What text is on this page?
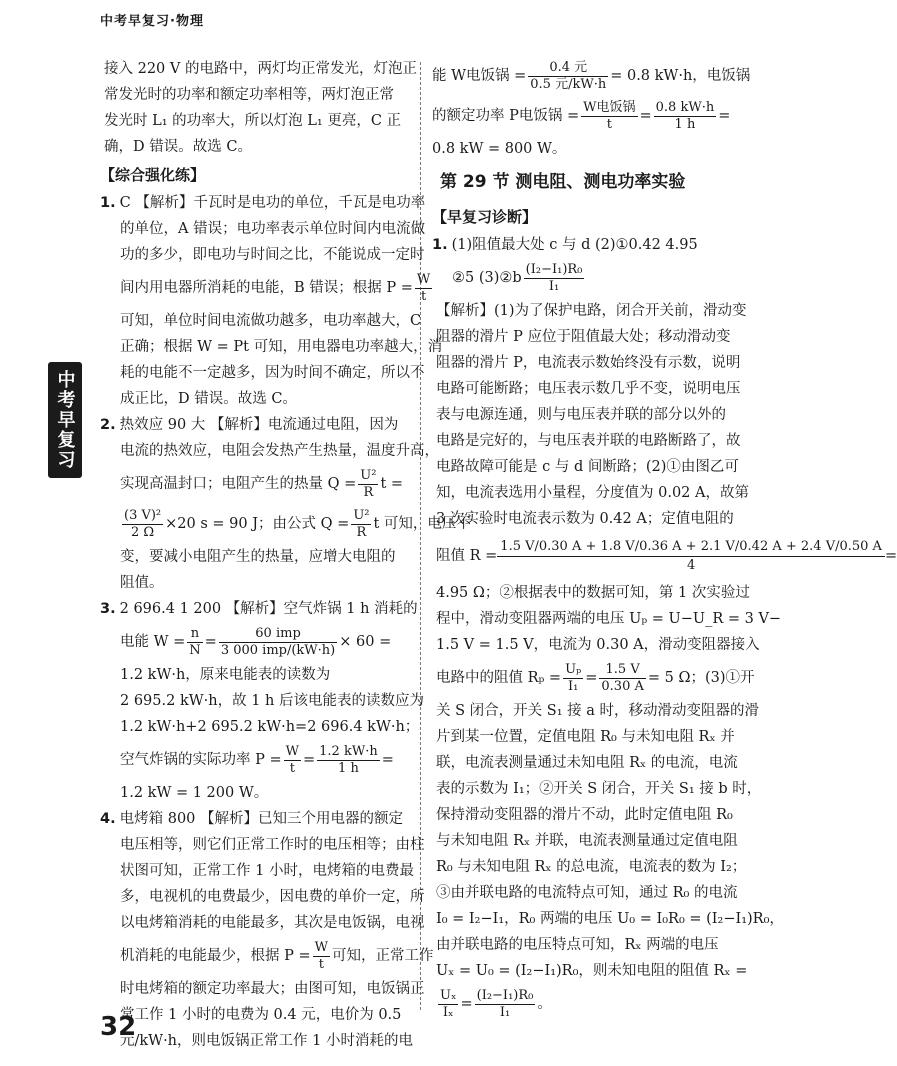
中考早复习·物理
中考早复习
接入 220 V 的电路中，两灯均正常发光，灯泡正
常发光时的功率和额定功率相等，两灯泡正常
发光时 L₁ 的功率大，所以灯泡 L₁ 更亮，C 正
确，D 错误。故选 C。
【综合强化练】
1. C 【解析】千瓦时是电功的单位，千瓦是电功率
的单位，A 错误；电功率表示单位时间内电流做
功的多少，即电功与时间之比，不能说成一定时
间内用电器所消耗的电能，B 错误；根据 $P = \frac{W}{t}$
可知，单位时间电流做功越多，电功率越大，C
正确；根据 W = Pt 可知，用电器电功率越大，消
耗的电能不一定越多，因为时间不确定，所以不
成正比，D 错误。故选 C。
2. 热效应 90 大 【解析】电流通过电阻，因为
电流的热效应，电阻会发热产生热量，温度升高，
实现高温封口；电阻产生的热量 $Q = \frac{\text{U²}}{R}$ t =
$\frac{\text{(3 V)²}}{2 \Omega} \times 20$ s = 90 J；由公式 $Q = \frac{\text{U²}}{R}$ t 可知，电压不
变，要减小电阻产生的热量，应增大电阻的
阻值。
3. 2 696.4 1 200 【解析】空气炸锅 1 h 消耗的
电能 $W = \frac{n}{N} = \frac{\text{60 imp}}{\text{3 000 imp/(kW·h)}} \times 60$ =
1.2 kW·h，原来电能表的读数为
2 695.2 kW·h，故 1 h 后该电能表的读数应为
1.2 kW·h+2 695.2 kW·h=2 696.4 kW·h；
空气炸锅的实际功率 $P = \frac{W}{t} = \frac{1.2 kW\cdot h}{1 h}$ =
1.2 kW = 1 200 W。
4. 电烤箱 800 【解析】已知三个用电器的额定
电压相等，则它们正常工作时的电压相等；由柱
状图可知，正常工作 1 小时，电烤箱的电费最
多，电视机的电费最少，因电费的单价一定，所
以电烤箱消耗的电能最多，其次是电饭锅，电视
机消耗的电能最少，根据 $P = \frac{W}{t}$ 可知，正常工作
时电烤箱的额定功率最大；由图可知，电饭锅正
常工作 1 小时的电费为 0.4 元，电价为 0.5
元/kW·h，则电饭锅正常工作 1 小时消耗的电
能 W电饭锅 = $\frac{\text{0.4 元}}{\text{0.5 元/kW·h}} = 0.8$ kW·h，电饭锅
的额定功率 P电饭锅 = $\frac{\text{W电饭锅}}{t} = \frac{0.8 kW\cdot h}{1 h}$ =
0.8 kW = 800 W。
第 29 节 测电阻、测电功率实验
【早复习诊断】
1. (1)阻值最大处 c 与 d (2)①0.42 4.95
②5 (3)②b $\frac{\text{(I₂−I₁)R₀}}{\text{I₁}}$
【解析】(1)为了保护电路，闭合开关前，滑动变
阻器的滑片 P 应位于阻值最大处；移动滑动变
阻器的滑片 P，电流表示数始终没有示数，说明
电路可能断路；电压表示数几乎不变，说明电压
表与电源连通，则与电压表并联的部分以外的
电路是完好的，与电压表并联的电路断路了，故
电路故障可能是 c 与 d 间断路；(2)①由图乙可
知，电流表选用小量程，分度值为 0.02 A，故第
3 次实验时电流表示数为 0.42 A；定值电阻的
阻值 $R = \frac{1.5 V/0.30 A + 1.8 V/0.36 A + 2.1 V/0.42 A + 2.4 V/0.50 A}{4}$ =
4.95 Ω；②根据表中的数据可知，第 1 次实验过
程中，滑动变阻器两端的电压 Uₚ = U−U_R = 3 V−
1.5 V = 1.5 V，电流为 0.30 A，滑动变阻器接入
电路中的阻值 $R_p = \frac{\text{Uₚ}}{\text{I₁}} = \frac{1.5 V}{0.30 A} = 5$ Ω；(3)①开
关 S 闭合，开关 S₁ 接 a 时，移动滑动变阻器的滑
片到某一位置，定值电阻 R₀ 与未知电阻 Rₓ 并
联，电流表测量通过未知电阻 Rₓ 的电流，电流
表的示数为 I₁；②开关 S 闭合，开关 S₁ 接 b 时，
保持滑动变阻器的滑片不动，此时定值电阻 R₀
与未知电阻 Rₓ 并联，电流表测量通过定值电阻
R₀ 与未知电阻 Rₓ 的总电流，电流表的数为 I₂；
③由并联电路的电流特点可知，通过 R₀ 的电流
I₀ = I₂−I₁，R₀ 两端的电压 U₀ = I₀R₀ = (I₂−I₁)R₀，
由并联电路的电压特点可知，Rₓ 两端的电压
Uₓ = U₀ = (I₂−I₁)R₀，则未知电阻的阻值 Rₓ =
$\frac{\text{Uₓ}}{\text{Iₓ}} = \frac{\text{(I₂−I₁)R₀}}{\text{I₁}}$ 。
32
